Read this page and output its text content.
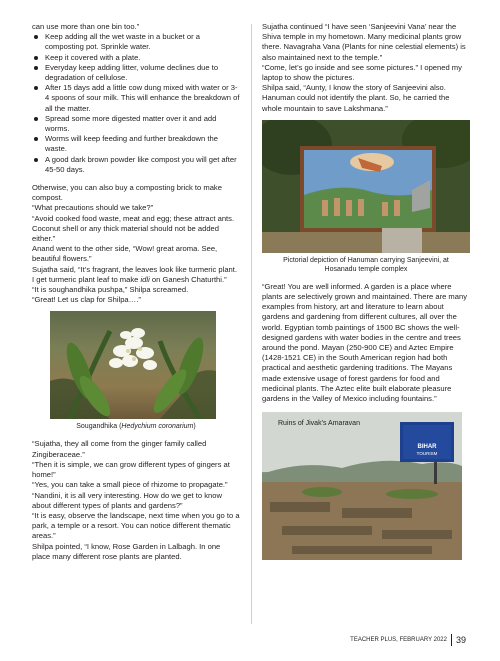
can use more than one bin too.”

Keep adding all the wet waste in a bucket or a composting pot. Sprinkle water.
Keep it covered with a plate.
Everyday keep adding litter, volume declines due to degradation of cellulose.
After 15 days add a little cow dung mixed with water or 3-4 spoons of sour milk. This will enhance the breakdown of all the matter.
Spread some more digested matter over it and add worms.
Worms will keep feeding and further breakdown the waste.
A good dark brown powder like compost you will get after 45-50 days.

Otherwise, you can also buy a composting brick to make compost.

“What precautions should we take?”

“Avoid cooked food waste, meat and egg; these attract ants. Coconut shell or any thick material should not be added either.”

Anand went to the other side, “Wow! great aroma. See, beautiful flowers.”

Sujatha said, “It’s fragrant, the leaves look like turmeric plant. I get turmeric plant leaf to make idli on Ganesh Chaturthi.”

“It is soughandhika pushpa,” Shilpa screamed.

“Great! Let us clap for Shilpa….”

Sougandhika (Hedychium coronarium)

“Sujatha, they all come from the ginger family called Zingiberaceae.”

“Then it is simple, we can grow different types of gingers at home!”

“Yes, you can take a small piece of rhizome to propagate.”

“Nandini, it is all very interesting. How do we get to know about different types of plants and gardens?”

“It is easy, observe the landscape, next time when you go to a park, a temple or a resort. You can notice different thematic areas.”

Shilpa pointed, “I know, Rose Garden in Lalbagh. In one place many different rose plants are planted.

Sujatha continued “I have seen ‘Sanjeevini Vana’ near the Shiva temple in my hometown. Many medicinal plants grow there. Navagraha Vana (Plants for nine celestial elements) is also maintained next to the temple.”

“Come, let’s go inside and see some pictures.” I opened my laptop to show the pictures.

Shilpa said, “Aunty, I know the story of Sanjeevini also. Hanuman could not identify the plant. So, he carried the whole mountain to save Lakshmana.”

Pictorial depiction of Hanuman carrying Sanjeevini, at
Hosanadu temple complex

“Great! You are well informed. A garden is a place where plants are selectively grown and maintained. There are many examples from history, art and literature to learn about gardens and gardening from different cultures, all over the world. Egyptian tomb paintings of 1500 BC shows the well-designed gardens with water bodies in the centre and trees around the pond. Mayan (250-900 CE) and Aztec Empire (1428-1521 CE) in the South American region had both practical and aesthetic gardening traditions. The Mayans made extensive usage of forest gardens for food and medicinal plants. The Aztec elite built elaborate pleasure gardens in the Valley of Mexico including fountains.”

BIHAR
TOURISM
Ruins of Jivak’s Amaravan
TEACHER PLUS, FEBRUARY 2022	39
